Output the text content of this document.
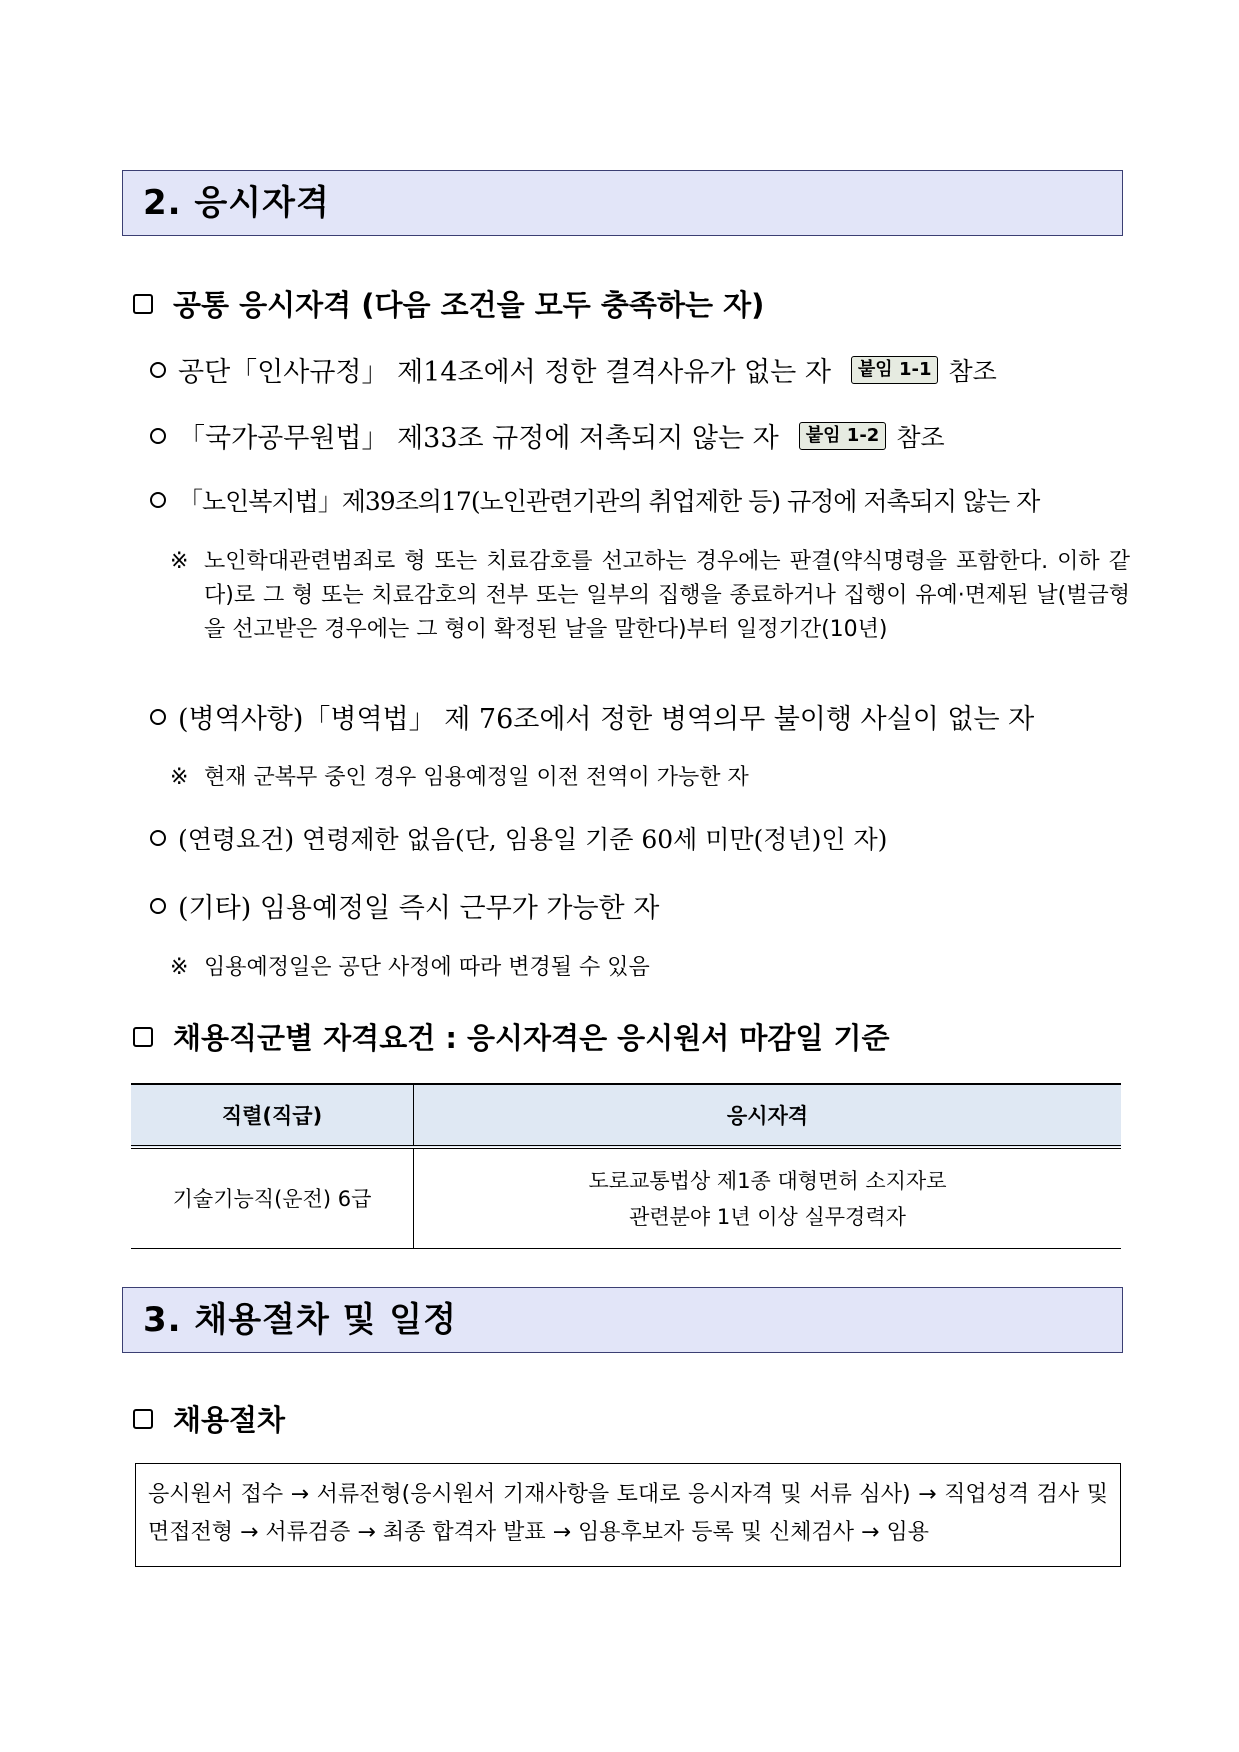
2. 응시자격
공통 응시자격 (다음 조건을 모두 충족하는 자)
공단「인사규정」 제14조에서 정한 결격사유가 없는 자	붙임 1-1 참조
「국가공무원법」 제33조 규정에 저촉되지 않는 자	붙임 1-2 참조
「노인복지법」제39조의17(노인관련기관의 취업제한 등) 규정에 저촉되지 않는 자
※ 노인학대관련범죄로 형 또는 치료감호를 선고하는 경우에는 판결(약식명령을 포함한다. 이하 같다)로 그 형 또는 치료감호의 전부 또는 일부의 집행을 종료하거나 집행이 유예·면제된 날(벌금형을 선고받은 경우에는 그 형이 확정된 날을 말한다)부터 일정기간(10년)
(병역사항)「병역법」 제 76조에서 정한 병역의무 불이행 사실이 없는 자
※ 현재 군복무 중인 경우 임용예정일 이전 전역이 가능한 자
(연령요건) 연령제한 없음(단, 임용일 기준 60세 미만(정년)인 자)
(기타) 임용예정일 즉시 근무가 가능한 자
※ 임용예정일은 공단 사정에 따라 변경될 수 있음
채용직군별 자격요건 : 응시자격은 응시원서 마감일 기준
직렬(직급)	응시자격
기술기능직(운전) 6급	도로교통법상 제1종 대형면허 소지자로
관련분야 1년 이상 실무경력자
3. 채용절차 및 일정
채용절차
응시원서 접수 → 서류전형(응시원서 기재사항을 토대로 응시자격 및 서류 심사) → 직업성격 검사 및 면접전형 → 서류검증 → 최종 합격자 발표 → 임용후보자 등록 및 신체검사 → 임용
